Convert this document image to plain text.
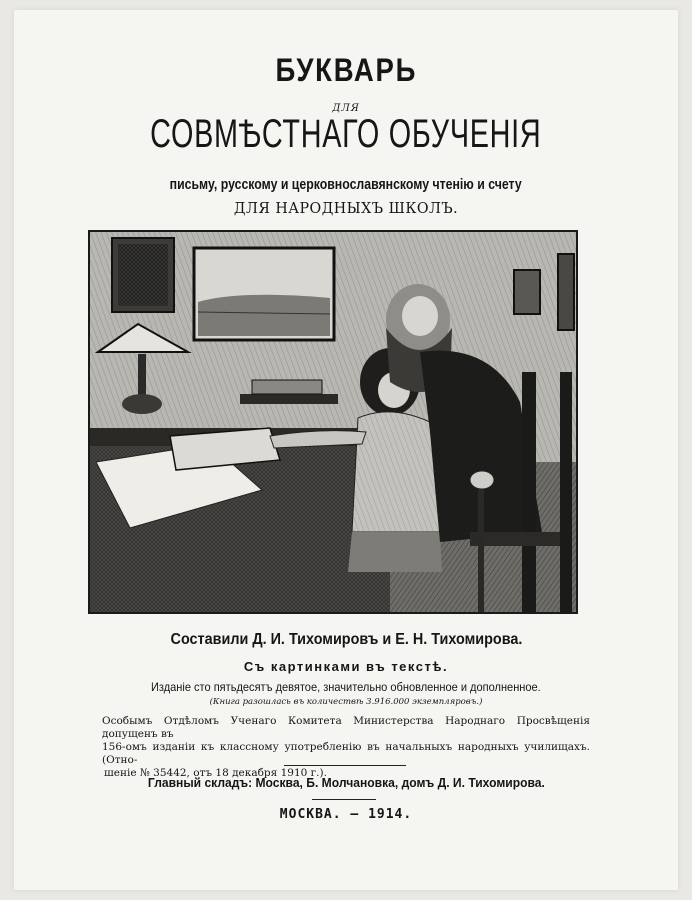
БУКВАРЬ
ДЛЯ
СОВМѢСТНАГО ОБУЧЕНІЯ
письму, русскому и церковнославянскому чтенію и счету
ДЛЯ НАРОДНЫХЪ ШКОЛЪ.
Составили Д. И. Тихомировъ и Е. Н. Тихомирова.
Съ картинками въ текстѣ.
Изданіе сто пятьдесятъ девятое, значительно обновленное и дополненное.
(Книга разошлась въ количествѣ 3.916.000 экземпляровъ.)
Особымъ Отдѣломъ Ученаго Комитета Министерства Народнаго Просвѣщенія допущенъ въ
156-омъ изданіи къ классному употребленію въ начальныхъ народныхъ училищахъ. (Отно-
шеніе № 35442, отъ 18 декабря 1910 г.).
Главный складъ: Москва, Б. Молчановка, домъ Д. И. Тихомирова.
МОСКВА. — 1914.
